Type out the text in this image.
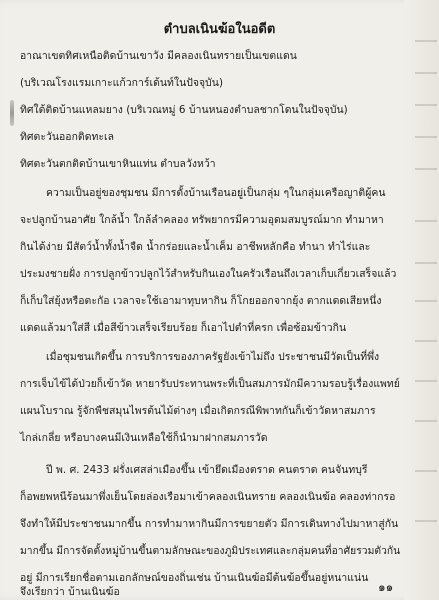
ตำบลเนินฆ้อในอดีต
อาณาเขตทิศเหนือติดบ้านเขาวัง มีคลองเนินทรายเป็นเขตแดน
(บริเวณโรงแรมเกาะแก้วการ์เด้นท์ในปัจจุบัน)
ทิศใต้ติดบ้านแหลมยาง (บริเวณหมู่ 6 บ้านหนองตำบลชากโดนในปัจจุบัน)
ทิศตะวันออกติดทะเล
ทิศตะวันตกติดบ้านเขาหินแท่น ตำบลวังหว้า
ความเป็นอยู่ของชุมชน มีการตั้งบ้านเรือนอยู่เป็นกลุ่ม ๆในกลุ่มเครือญาติผู้คน
จะปลูกบ้านอาศัย ใกล้น้ำ ใกล้ลำคลอง ทรัพยากรมีความอุดมสมบูรณ์มาก ทำมาหา
กินได้ง่าย มีสัตว์น้ำทั้งน้ำจืด น้ำกร่อยและน้ำเค็ม อาชีพหลักคือ ทำนา ทำไร่และ
ประมงชายฝั่ง การปลูกข้าวปลูกไว้สำหรับกินเองในครัวเรือนถึงเวลาเก็บเกี่ยวเสร็จแล้ว
ก็เก็บใส่ยุ้งหรือตะกัอ เวลาจะใช้เอามาทุบหากิน ก็โกยออกจากยุ้ง ตากแดดเสียหนึ่ง
แดดแล้วมาใส่สี เมื่อสีข้าวเสร็จเรียบร้อย ก็เอาไปตำที่ครก เพื่อซ้อมข้าวกิน
เมื่อชุมชนเกิดขึ้น การบริการของภาครัฐยังเข้าไม่ถึง ประชาชนมีวัดเป็นที่พึ่ง
การเจ็บไข้ได้ป่วยก็เข้าวัด หายารับประทานพระที่เป็นสมภารมักมีความรอบรู้เรื่องแพทย์
แผนโบราณ รู้จักพืชสมุนไพรต้นไม้ต่างๆ เมื่อเกิดกรณีพิพาทกันก็เข้าวัดหาสมภาร
ไกล่เกลี่ย หรือบางคนมีเงินเหลือใช้ก็นำมาฝากสมภารวัด
ปี พ. ศ. 2433 ฝรั่งเศสล่าเมืองขึ้น เข้ายึดเมืองตราด คนตราด คนจันทบุรี
ก็อพยพหนีร้อนมาพึ่งเย็นโดยล่องเรือมาเข้าคลองเนินทราย คลองเนินฆ้อ คลองท่ากรอ
จึงทำให้มีประชาชนมากขึ้น การทำมาหากินมีการขยายตัว มีการเดินทางไปมาหาสู่กัน
มากขึ้น มีการจัดตั้งหมู่บ้านขึ้นตามลักษณะของภูมิประเทศและกลุ่มคนที่อาศัยรวมตัวกัน
อยู่ มีการเรียกชื่อตามเอกลักษณ์ของถิ่นเช่น บ้านเนินฆ้อมีต้นฆ้อขึ้นอยู่หนาแน่น
๑๑
จึงเรียกว่า บ้านเนินฆ้อ
